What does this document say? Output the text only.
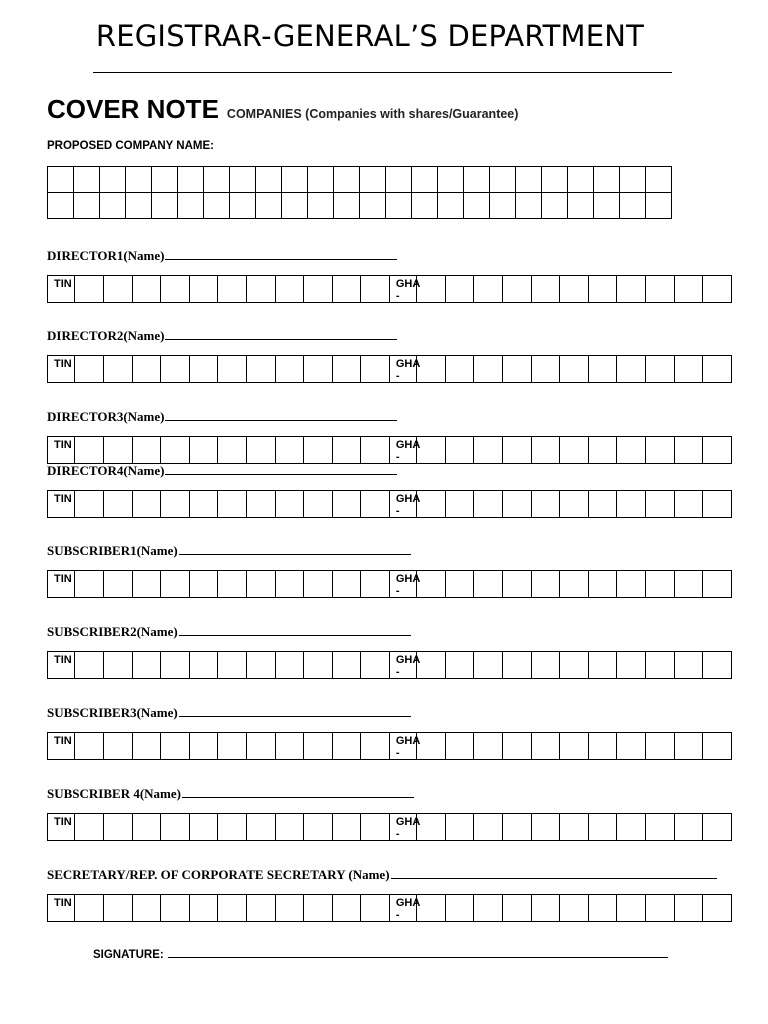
REGISTRAR-GENERAL’S DEPARTMENT
COVER NOTE COMPANIES (Companies with shares/Guarantee)
PROPOSED COMPANY NAME:

DIRECTOR1(Name)
TIN												GHA -											
DIRECTOR2(Name)
TIN												GHA -											
DIRECTOR3(Name)
TIN												GHA -											
DIRECTOR4(Name)
TIN												GHA -											
SUBSCRIBER1(Name)
TIN												GHA -											
SUBSCRIBER2(Name)
TIN												GHA -											
SUBSCRIBER3(Name)
TIN												GHA -											
SUBSCRIBER 4(Name)
TIN												GHA -											
SECRETARY/REP. OF CORPORATE SECRETARY (Name)
TIN												GHA -											
SIGNATURE:
